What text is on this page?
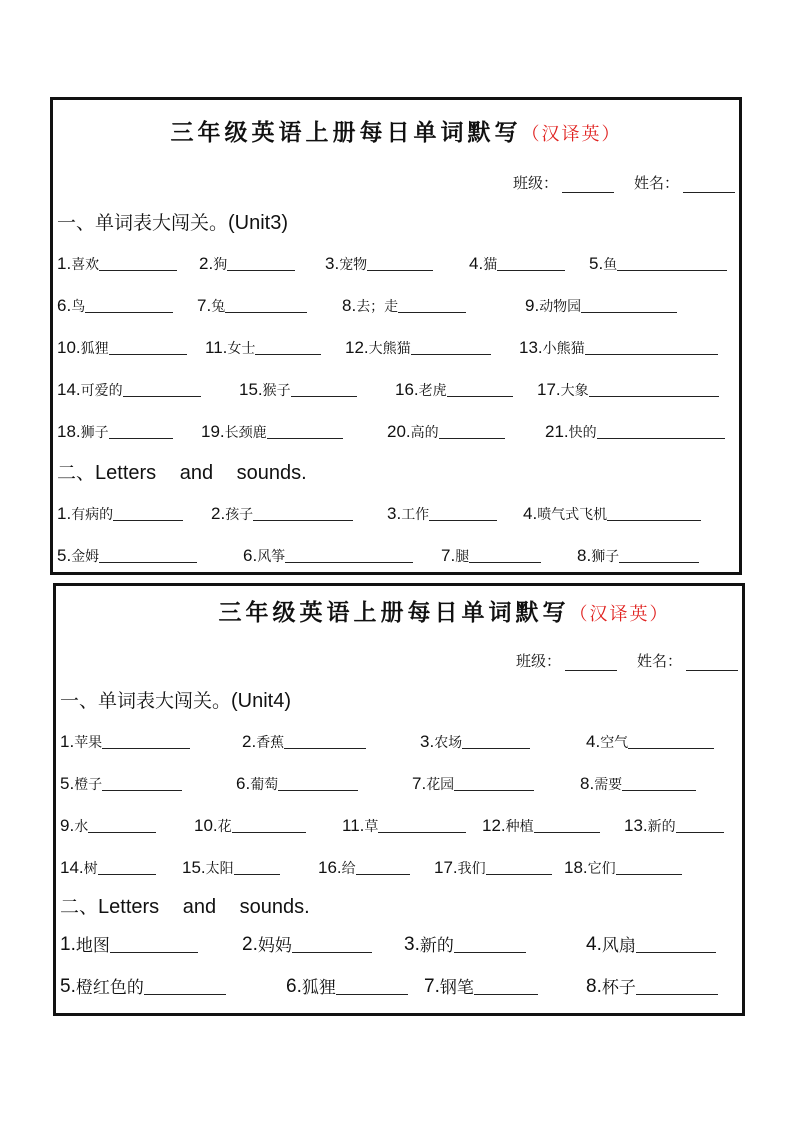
三年级英语上册每日单词默写（汉译英）
班级：	姓名：
一、单词表大闯关。(Unit3)
二、Letters and sounds.
1. 喜欢	2. 狗	3. 宠物	4. 猫	5. 鱼
6. 鸟	7. 兔	8. 去；走	9. 动物园
10. 狐狸	11. 女士	12. 大熊猫	13. 小熊猫
14. 可爱的	15. 猴子	16. 老虎	17. 大象
18. 狮子	19. 长颈鹿	20. 高的	21. 快的
1. 有病的	2. 孩子	3. 工作	4. 喷气式飞机
5. 金姆	6. 风筝	7. 腿	8. 狮子
三年级英语上册每日单词默写（汉译英）
班级：	姓名：
一、单词表大闯关。(Unit4)
二、Letters and sounds.
1. 苹果	2. 香蕉	3. 农场	4. 空气
5. 橙子	6. 葡萄	7. 花园	8. 需要
9. 水	10. 花	11. 草	12. 种植	13. 新的
14. 树	15. 太阳	16. 给	17. 我们	18. 它们
1. 地图	2. 妈妈	3. 新的	4. 风扇
5. 橙红色的	6. 狐狸	7. 钢笔	8. 杯子
